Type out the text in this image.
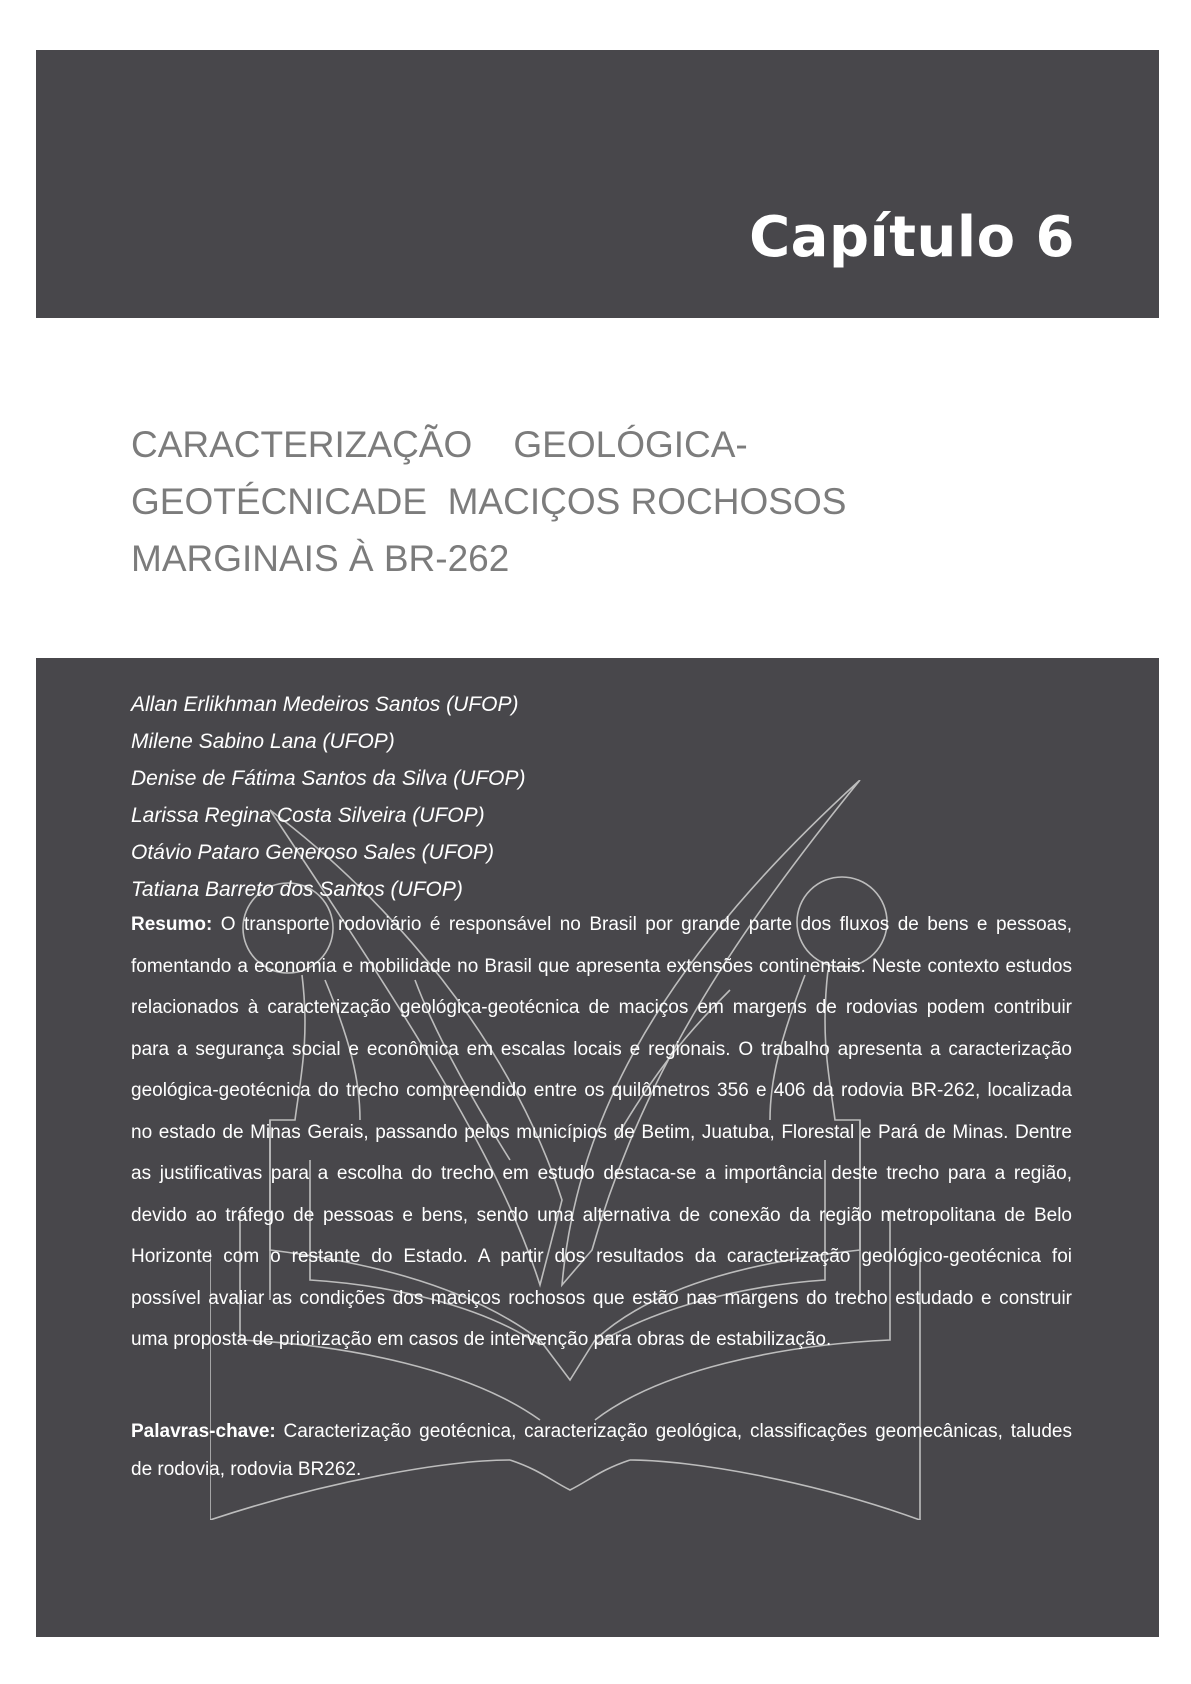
Capítulo 6
CARACTERIZAÇÃO    GEOLÓGICA-
GEOTÉCNICADE  MACIÇOS ROCHOSOS
MARGINAIS À BR-262
Allan Erlikhman Medeiros Santos (UFOP)
Milene Sabino Lana (UFOP)
Denise de Fátima Santos da Silva (UFOP)
Larissa Regina Costa Silveira (UFOP)
Otávio Pataro Generoso Sales (UFOP)
Tatiana Barreto dos Santos (UFOP)

Resumo: O transporte rodoviário é responsável no Brasil por grande parte dos fluxos de bens e pessoas, fomentando a economia e mobilidade no Brasil que apresenta extensões continentais. Neste contexto estudos relacionados à caracterização geológica-geotécnica de maciços em margens de rodovias podem contribuir para a segurança social e econômica em escalas locais e regionais. O trabalho apresenta a caracterização geológica-geotécnica do trecho compreendido entre os quilômetros 356 e 406 da rodovia BR-262, localizada no estado de Minas Gerais, passando pelos municípios de Betim, Juatuba, Florestal e Pará de Minas. Dentre as justificativas para a escolha do trecho em estudo destaca-se a importância deste trecho para a região, devido ao tráfego de pessoas e bens, sendo uma alternativa de conexão da região metropolitana de Belo Horizonte com o restante do Estado. A partir dos resultados da caracterização geológico-geotécnica foi possível avaliar as condições dos maciços rochosos que estão nas margens do trecho estudado e construir uma proposta de priorização em casos de intervenção para obras de estabilização.

Palavras-chave: Caracterização geotécnica, caracterização geológica, classificações geomecânicas, taludes de rodovia, rodovia BR262.
